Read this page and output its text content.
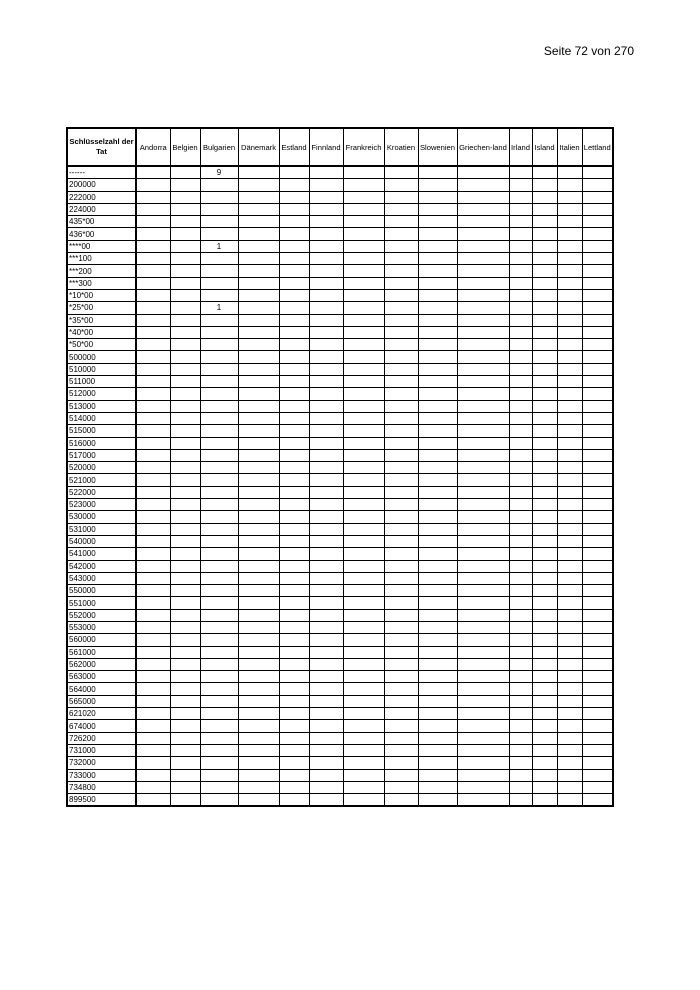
Seite 72 von 270
Schlüsselzahl der Tat	Andorra	Belgien	Bulgarien	Dänemark	Estland	Finnland	Frankreich	Kroatien	Slowenien	Griechen-land	Irland	Island	Italien	Lettland
------			9											
200000														
222000														
224000														
435*00														
436*00														
****00			1											
***100														
***200														
***300														
*10*00														
*25*00			1											
*35*00														
*40*00														
*50*00														
500000														
510000														
511000														
512000														
513000														
514000														
515000														
516000														
517000														
520000														
521000														
522000														
523000														
530000														
531000														
540000														
541000														
542000														
543000														
550000														
551000														
552000														
553000														
560000														
561000														
562000														
563000														
564000														
565000														
621020														
674000														
726200														
731000														
732000														
733000														
734800														
899500														
